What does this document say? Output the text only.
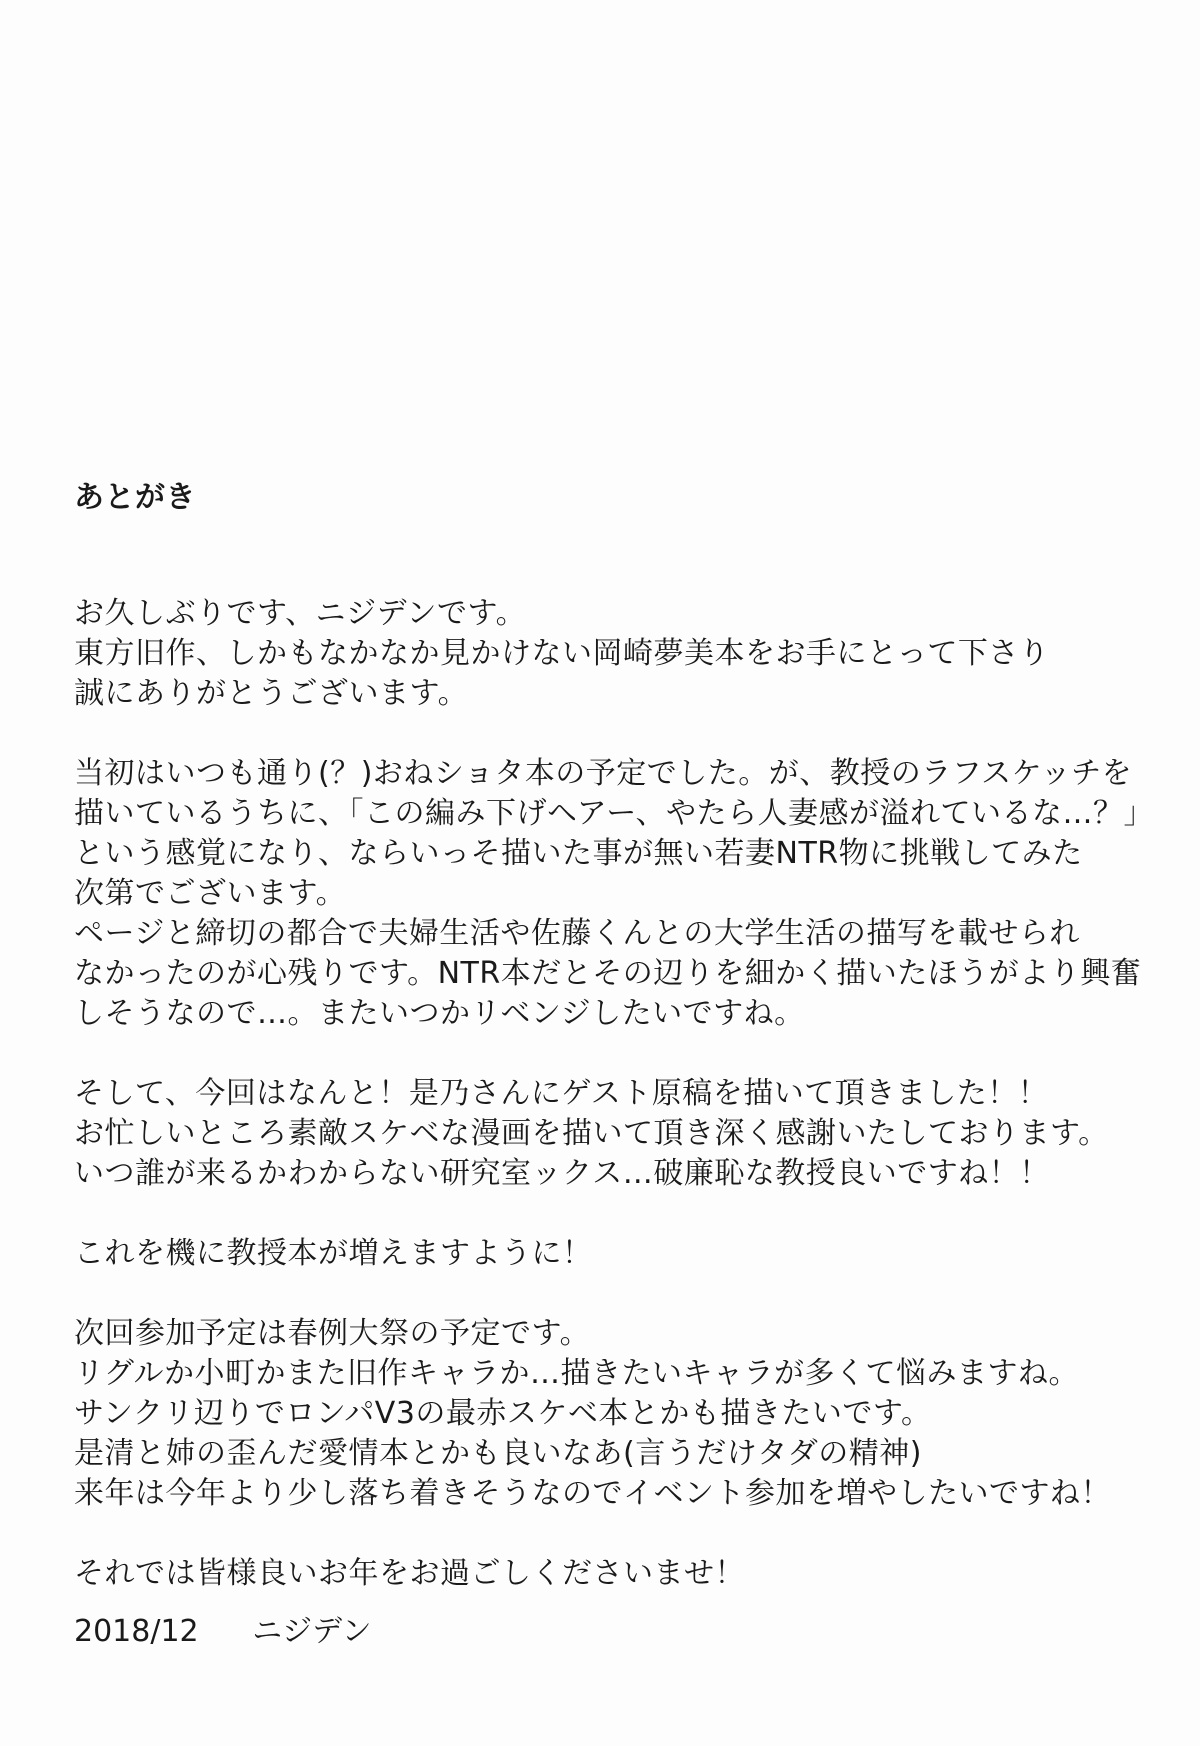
あとがき
お久しぶりです、ニジデンです。
東方旧作、しかもなかなか見かけない岡崎夢美本をお手にとって下さり
誠にありがとうございます。
当初はいつも通り(？)おねショタ本の予定でした。が、教授のラフスケッチを
描いているうちに、「この編み下げヘアー、やたら人妻感が溢れているな…？」
という感覚になり、ならいっそ描いた事が無い若妻NTR物に挑戦してみた
次第でございます。
ページと締切の都合で夫婦生活や佐藤くんとの大学生活の描写を載せられ
なかったのが心残りです。NTR本だとその辺りを細かく描いたほうがより興奮
しそうなので…。またいつかリベンジしたいですね。
そして、今回はなんと！是乃さんにゲスト原稿を描いて頂きました！！
お忙しいところ素敵スケベな漫画を描いて頂き深く感謝いたしております。
いつ誰が来るかわからない研究室ックス…破廉恥な教授良いですね！！
これを機に教授本が増えますように！
次回参加予定は春例大祭の予定です。
リグルか小町かまた旧作キャラか…描きたいキャラが多くて悩みますね。
サンクリ辺りでロンパV3の最赤スケベ本とかも描きたいです。
是清と姉の歪んだ愛情本とかも良いなあ(言うだけタダの精神)
来年は今年より少し落ち着きそうなのでイベント参加を増やしたいですね！
それでは皆様良いお年をお過ごしくださいませ！
2018/12 ニジデン
